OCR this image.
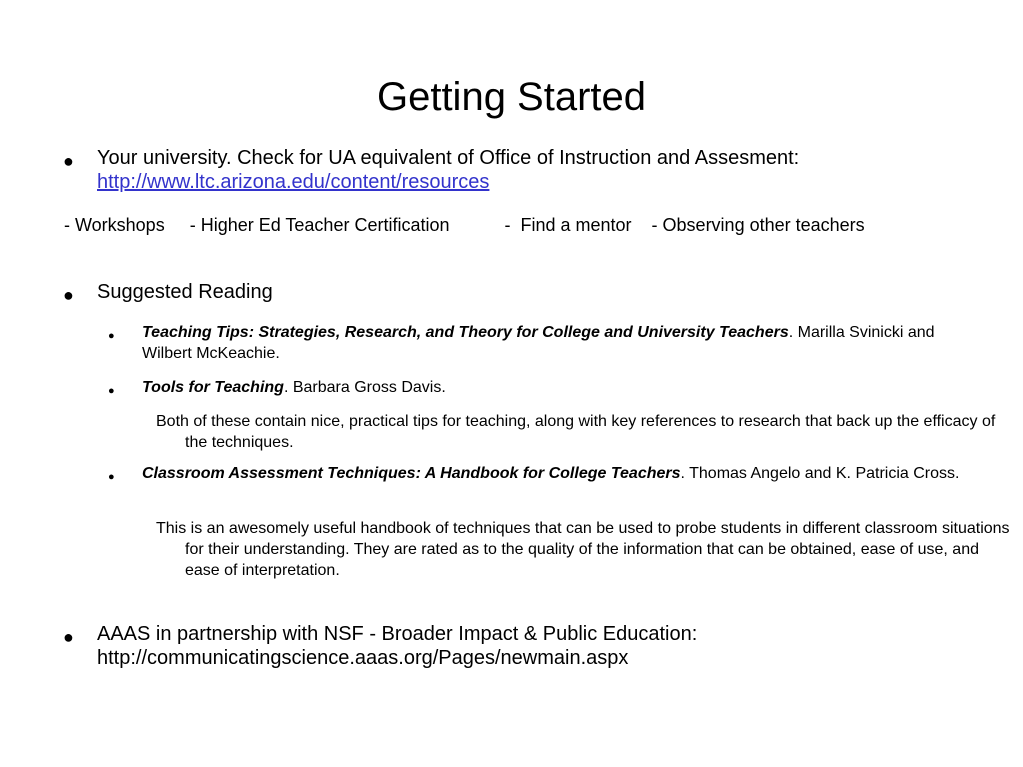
Getting Started
● Your university. Check for UA equivalent of Office of Instruction and Assesment:
http://www.ltc.arizona.edu/content/resources
- Workshops     - Higher Ed Teacher Certification           -  Find a mentor    - Observing other teachers
● Suggested Reading
● Teaching Tips: Strategies, Research, and Theory for College and University Teachers. Marilla Svinicki and Wilbert McKeachie.
● Tools for Teaching. Barbara Gross Davis.
Both of these contain nice, practical tips for teaching, along with key references to research that back up the efficacy of the techniques.
● Classroom Assessment Techniques: A Handbook for College Teachers. Thomas Angelo and K. Patricia Cross.
This is an awesomely useful handbook of techniques that can be used to probe students in different classroom situations for their understanding. They are rated as to the quality of the information that can be obtained, ease of use, and ease of interpretation.
● AAAS in partnership with NSF - Broader Impact & Public Education: http://communicatingscience.aaas.org/Pages/newmain.aspx
